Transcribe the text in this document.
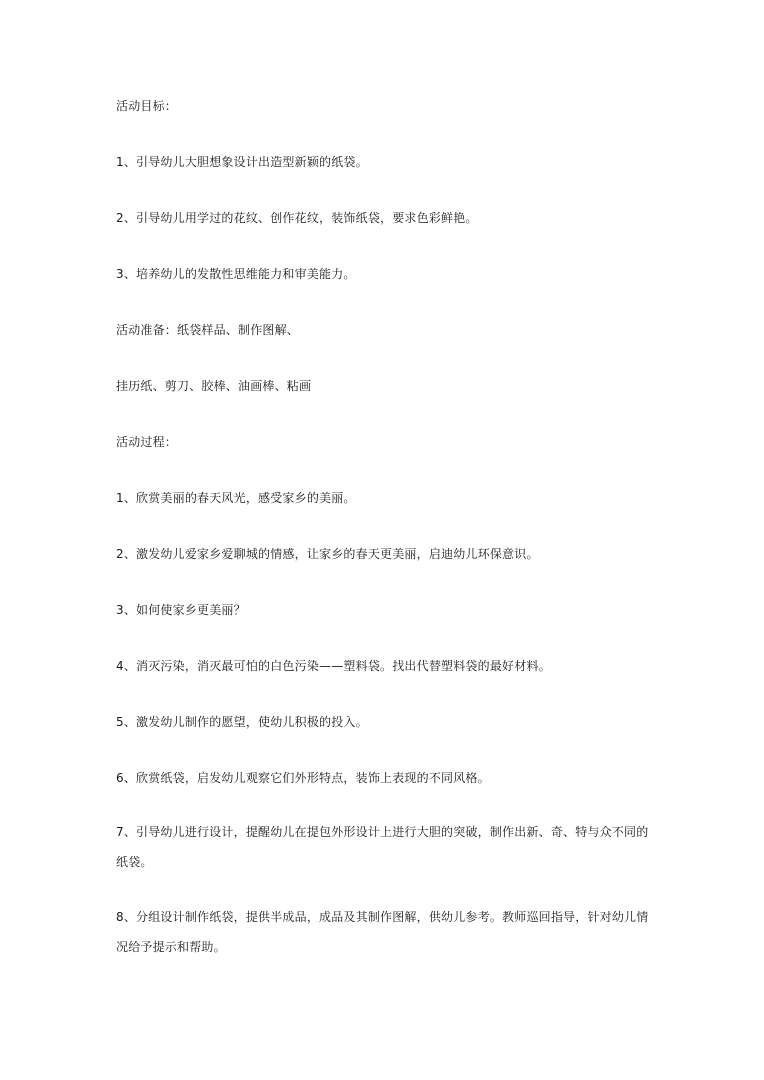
活动目标：
1、引导幼儿大胆想象设计出造型新颖的纸袋。
2、引导幼儿用学过的花纹、创作花纹，装饰纸袋，要求色彩鲜艳。
3、培养幼儿的发散性思维能力和审美能力。
活动准备：纸袋样品、制作图解、
挂历纸、剪刀、胶棒、油画棒、粘画
活动过程：
1、欣赏美丽的春天风光，感受家乡的美丽。
2、激发幼儿爱家乡爱聊城的情感，让家乡的春天更美丽，启迪幼儿环保意识。
3、如何使家乡更美丽？
4、消灭污染，消灭最可怕的白色污染——塑料袋。找出代替塑料袋的最好材料。
5、激发幼儿制作的愿望，使幼儿积极的投入。
6、欣赏纸袋，启发幼儿观察它们外形特点，装饰上表现的不同风格。
7、引导幼儿进行设计，提醒幼儿在提包外形设计上进行大胆的突破，制作出新、奇、特与众不同的纸袋。
8、分组设计制作纸袋，提供半成品，成品及其制作图解，供幼儿参考。教师巡回指导，针对幼儿情况给予提示和帮助。
